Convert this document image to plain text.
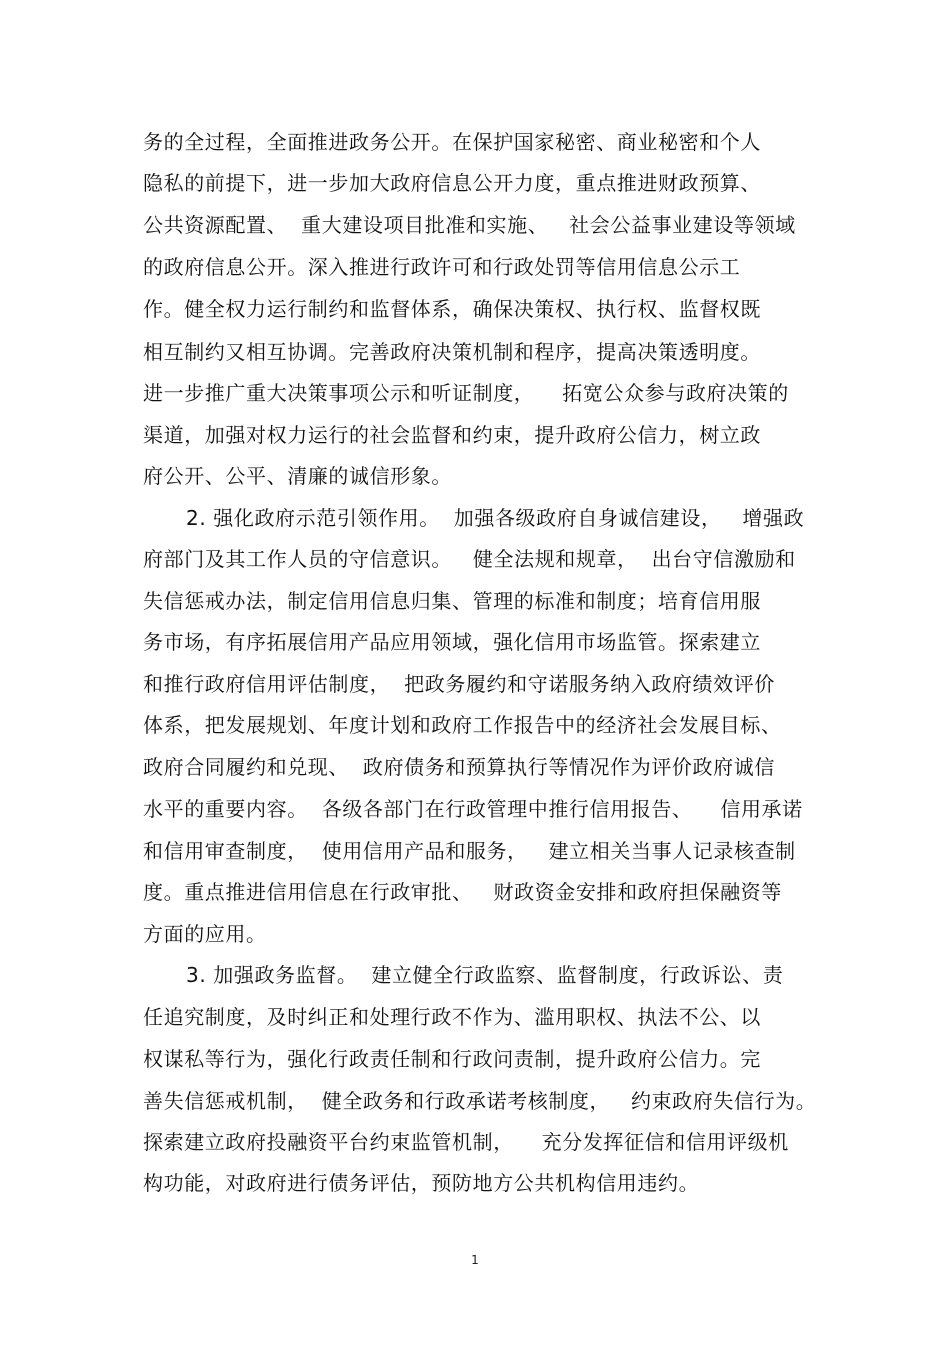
务的全过程，全面推进政务公开。在保护国家秘密、商业秘密和个人
隐私的前提下，进一步加大政府信息公开力度，重点推进财政预算、
公共资源配置、  重大建设项目批准和实施、   社会公益事业建设等领域
的政府信息公开。深入推进行政许可和行政处罚等信用信息公示工
作。健全权力运行制约和监督体系，确保决策权、执行权、监督权既
相互制约又相互协调。完善政府决策机制和程序，提高决策透明度。
进一步推广重大决策事项公示和听证制度，    拓宽公众参与政府决策的
渠道，加强对权力运行的社会监督和约束，提升政府公信力，树立政
府公开、公平、清廉的诚信形象。
2. 强化政府示范引领作用。  加强各级政府自身诚信建设，   增强政
府部门及其工作人员的守信意识。   健全法规和规章，  出台守信激励和
失信惩戒办法，制定信用信息归集、管理的标准和制度；培育信用服
务市场，有序拓展信用产品应用领域，强化信用市场监管。探索建立
和推行政府信用评估制度，  把政务履约和守诺服务纳入政府绩效评价
体系，把发展规划、年度计划和政府工作报告中的经济社会发展目标、
政府合同履约和兑现、  政府债务和预算执行等情况作为评价政府诚信
水平的重要内容。  各级各部门在行政管理中推行信用报告、    信用承诺
和信用审查制度，  使用信用产品和服务，   建立相关当事人记录核查制
度。重点推进信用信息在行政审批、   财政资金安排和政府担保融资等
方面的应用。
3. 加强政务监督。  建立健全行政监察、监督制度，行政诉讼、责
任追究制度，及时纠正和处理行政不作为、滥用职权、执法不公、以
权谋私等行为，强化行政责任制和行政问责制，提升政府公信力。完
善失信惩戒机制，  健全政务和行政承诺考核制度，   约束政府失信行为。
探索建立政府投融资平台约束监管机制，    充分发挥征信和信用评级机
构功能，对政府进行债务评估，预防地方公共机构信用违约。
1
